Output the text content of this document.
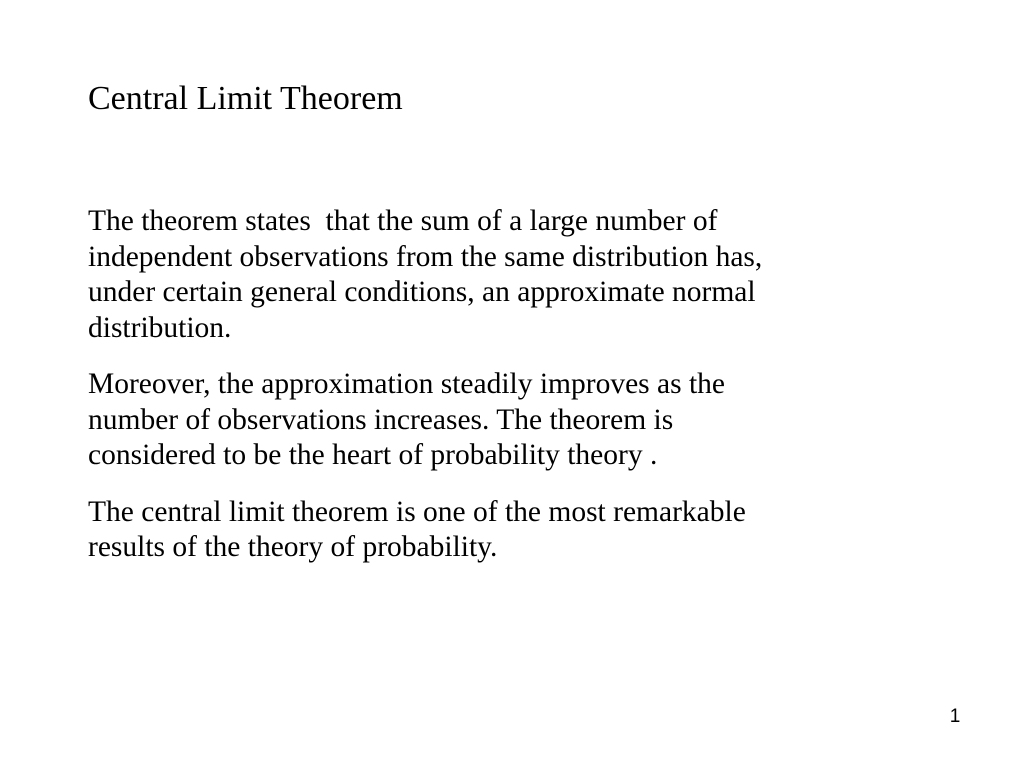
Central Limit Theorem

The theorem states  that the sum of a large number of
independent observations from the same distribution has,
under certain general conditions, an approximate normal
distribution.

Moreover, the approximation steadily improves as the
number of observations increases. The theorem is
considered to be the heart of probability theory .

The central limit theorem is one of the most remarkable
results of the theory of probability.

1
